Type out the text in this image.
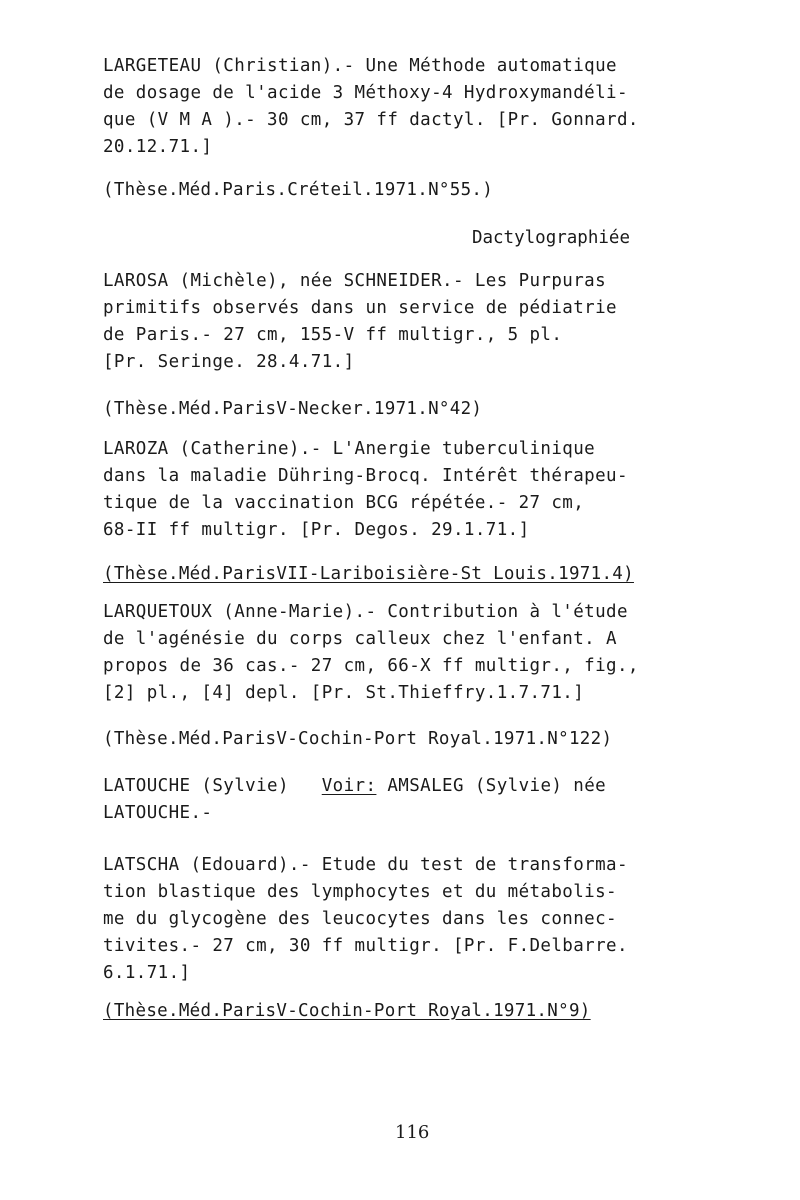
LARGETEAU (Christian).- Une Méthode automatique
de dosage de l'acide 3 Méthoxy-4 Hydroxymandéli-
que (V M A ).- 30 cm, 37 ff dactyl. [Pr. Gonnard.
20.12.71.]
(Thèse.Méd.Paris.Créteil.1971.N°55.)
Dactylographiée
LAROSA (Michèle), née SCHNEIDER.- Les Purpuras
primitifs observés dans un service de pédiatrie
de Paris.- 27 cm, 155-V ff multigr., 5 pl.
[Pr. Seringe. 28.4.71.]
(Thèse.Méd.ParisV-Necker.1971.N°42)
LAROZA (Catherine).- L'Anergie tuberculinique
dans la maladie Dühring-Brocq. Intérêt thérapeu-
tique de la vaccination BCG répétée.- 27 cm,
68-II ff multigr. [Pr. Degos. 29.1.71.]
(Thèse.Méd.ParisVII-Lariboisière-St Louis.1971.4)
LARQUETOUX (Anne-Marie).- Contribution à l'étude
de l'agénésie du corps calleux chez l'enfant. A
propos de 36 cas.- 27 cm, 66-X ff multigr., fig.,
[2] pl., [4] depl. [Pr. St.Thieffry.1.7.71.]
(Thèse.Méd.ParisV-Cochin-Port Royal.1971.N°122)
LATOUCHE (Sylvie) Voir: AMSALEG (Sylvie) née
LATOUCHE.-
LATSCHA (Edouard).- Etude du test de transforma-
tion blastique des lymphocytes et du métabolis-
me du glycogène des leucocytes dans les connec-
tivites.- 27 cm, 30 ff multigr. [Pr. F.Delbarre.
6.1.71.]
(Thèse.Méd.ParisV-Cochin-Port Royal.1971.N°9)
116
